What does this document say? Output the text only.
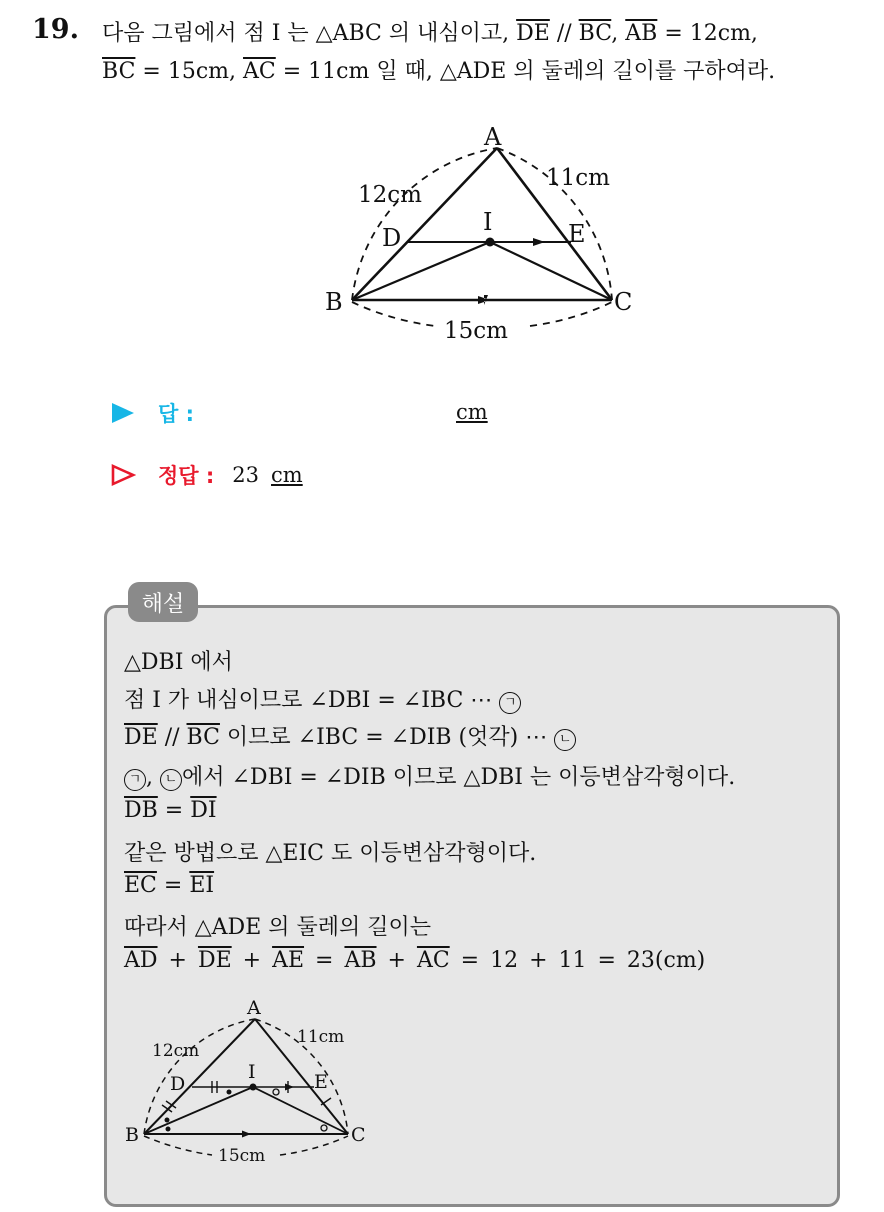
19. 다음 그림에서 점 I 는 △ABC 의 내심이고, $\overline{DE} // \overline{BC}$, $\overline{AB} = 12cm$,
$\overline{BC} = 15cm$, $\overline{AC} = 11cm$ 일 때, △ADE 의 둘레의 길이를 구하여라.
A
B	C
D	E
I
12cm
11cm
15cm
답 :	cm
정답 : 23 cm
해설
△DBI 에서
점 I 가 내심이므로 ∠DBI = ∠IBC ⋯ ㄱ
$\overline{DE} // \overline{BC}$ 이므로 ∠IBC = ∠DIB (엇각) ⋯ ㄴ
ㄱ , ㄴ 에서 ∠DBI = ∠DIB 이므로 △DBI 는 이등변삼각형이다.
$\overline{DB} = \overline{DI}$
같은 방법으로 △EIC 도 이등변삼각형이다.
$\overline{EC} = \overline{EI}$
따라서 △ADE 의 둘레의 길이는
$\overline{AD} + \overline{DE} + \overline{AE} = \overline{AB} + \overline{AC} = 12 + 11 = 23(cm)$
A
B	C
D	E
I
12cm
11cm
15cm
